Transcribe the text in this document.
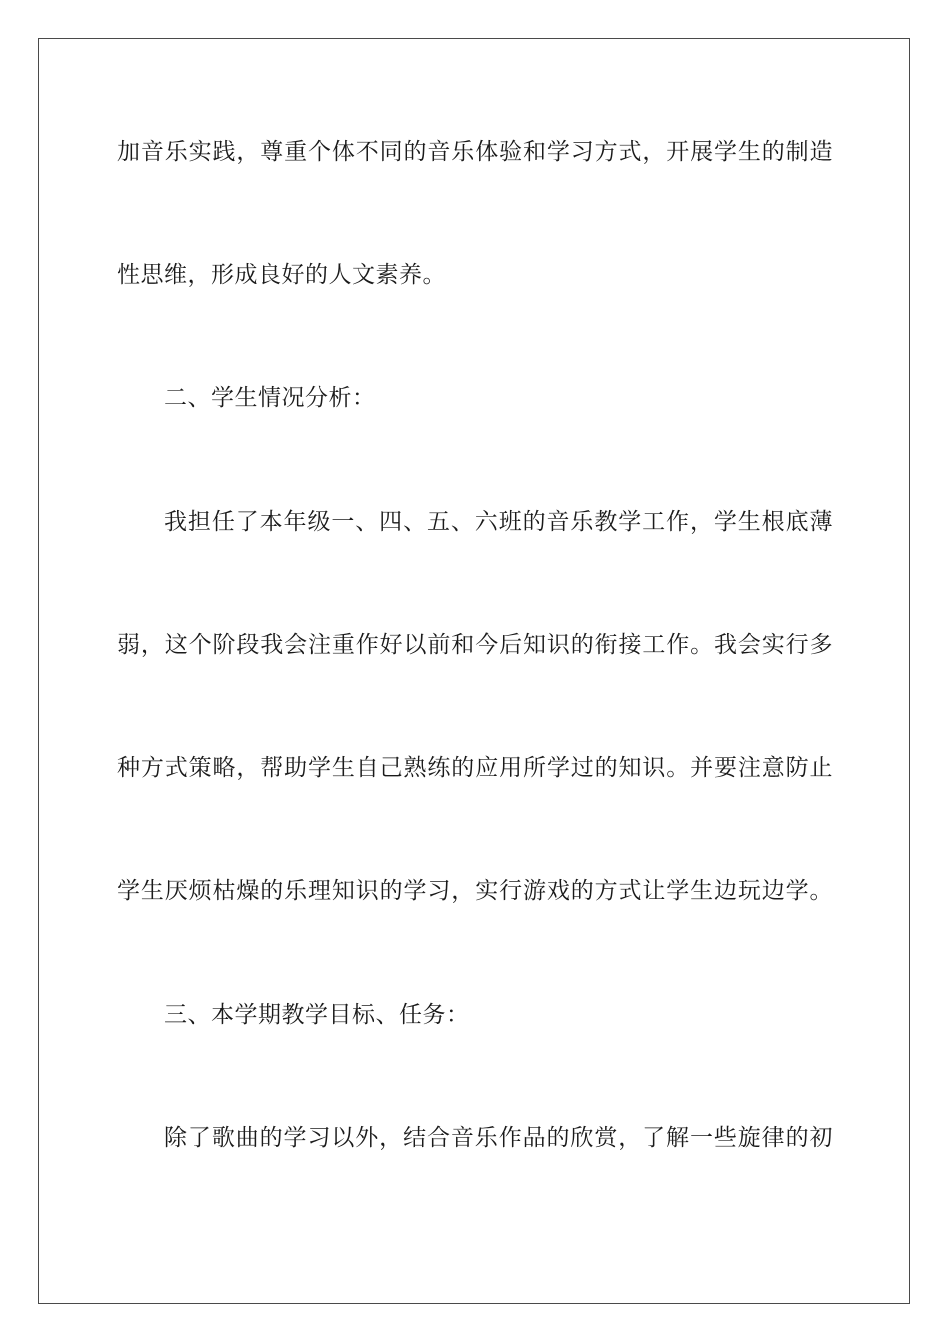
加音乐实践，尊重个体不同的音乐体验和学习方式，开展学生的制造

性思维，形成良好的人文素养。

二、学生情况分析：

我担任了本年级一、四、五、六班的音乐教学工作，学生根底薄

弱，这个阶段我会注重作好以前和今后知识的衔接工作。我会实行多

种方式策略，帮助学生自己熟练的应用所学过的知识。并要注意防止

学生厌烦枯燥的乐理知识的学习，实行游戏的方式让学生边玩边学。

三、本学期教学目标、任务：

除了歌曲的学习以外，结合音乐作品的欣赏，了解一些旋律的初
